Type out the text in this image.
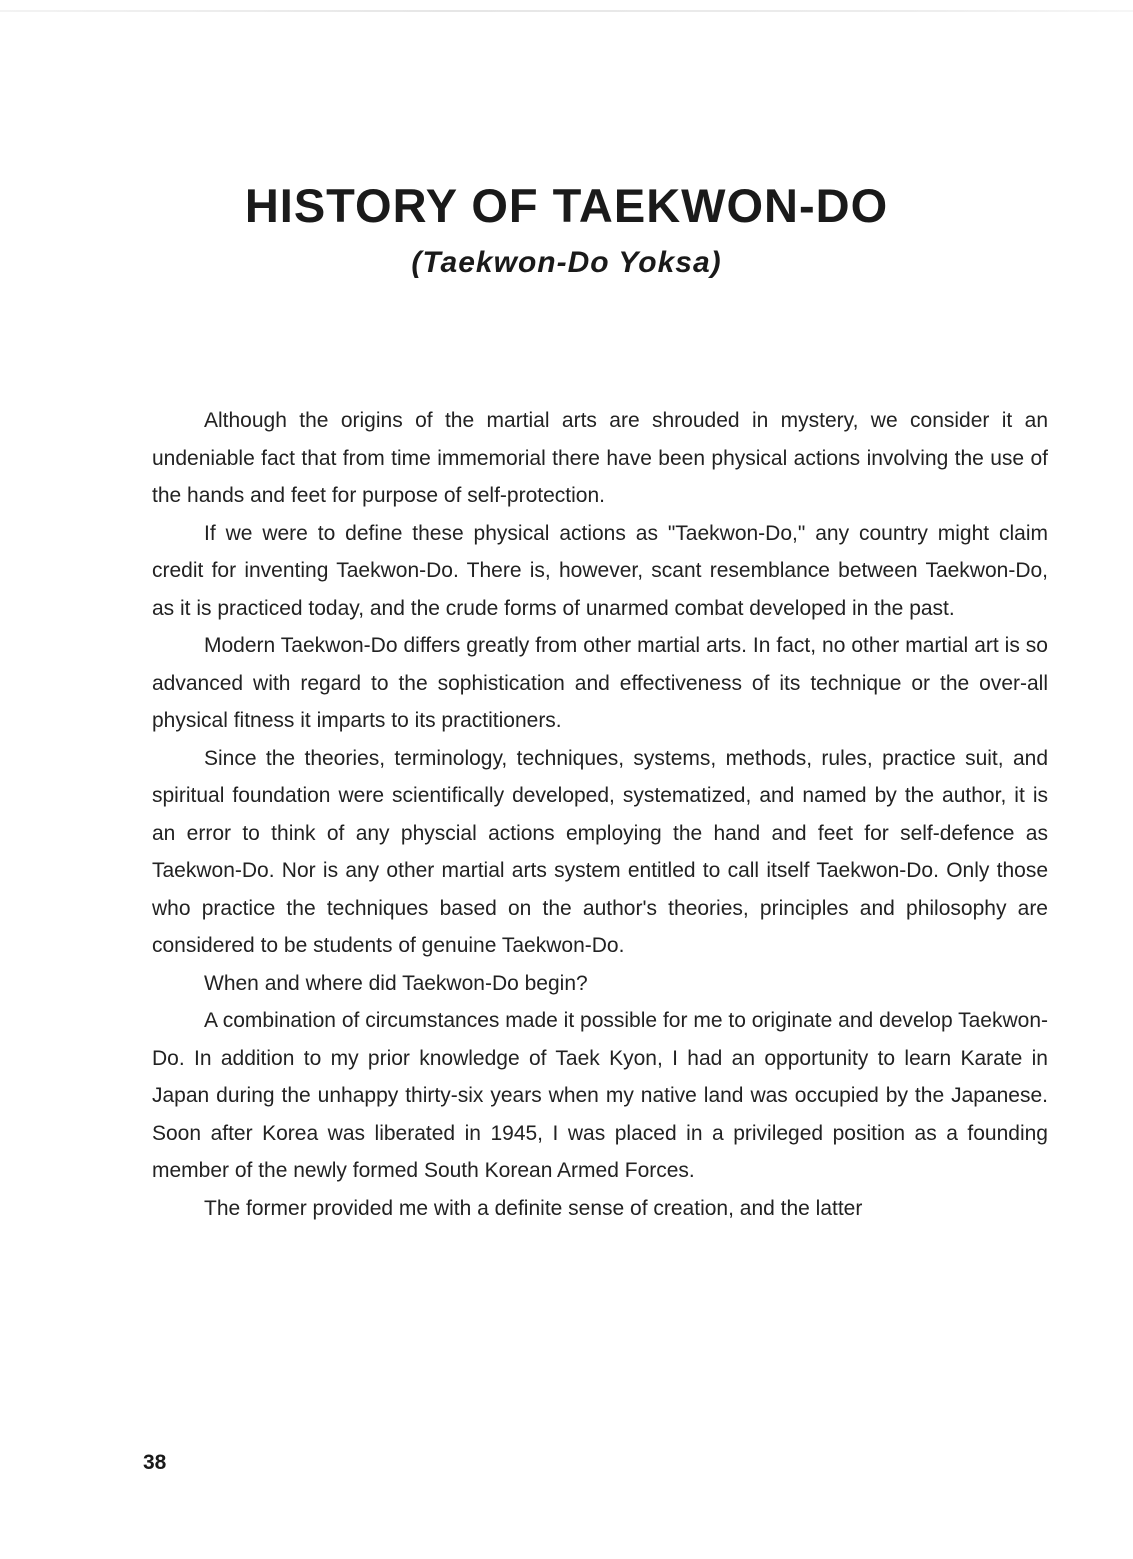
HISTORY OF TAEKWON-DO
(Taekwon-Do Yoksa)

Although the origins of the martial arts are shrouded in mystery, we consider it an undeniable fact that from time immemorial there have been physical actions involving the use of the hands and feet for purpose of self-protection.

If we were to define these physical actions as "Taekwon-Do," any country might claim credit for inventing Taekwon-Do. There is, however, scant resemblance between Taekwon-Do, as it is practiced today, and the crude forms of unarmed combat developed in the past.

Modern Taekwon-Do differs greatly from other martial arts. In fact, no other martial art is so advanced with regard to the sophistication and effectiveness of its technique or the over-all physical fitness it imparts to its practitioners.

Since the theories, terminology, techniques, systems, methods, rules, practice suit, and spiritual foundation were scientifically developed, systematized, and named by the author, it is an error to think of any physcial actions employing the hand and feet for self-defence as Taekwon-Do. Nor is any other martial arts system entitled to call itself Taekwon-Do. Only those who practice the techniques based on the author's theories, principles and philosophy are considered to be students of genuine Taekwon-Do.

When and where did Taekwon-Do begin?

A combination of circumstances made it possible for me to originate and develop Taekwon-Do. In addition to my prior knowledge of Taek Kyon, I had an opportunity to learn Karate in Japan during the unhappy thirty-six years when my native land was occupied by the Japanese. Soon after Korea was liberated in 1945, I was placed in a privileged position as a founding member of the newly formed South Korean Armed Forces.

The former provided me with a definite sense of creation, and the latter

38
